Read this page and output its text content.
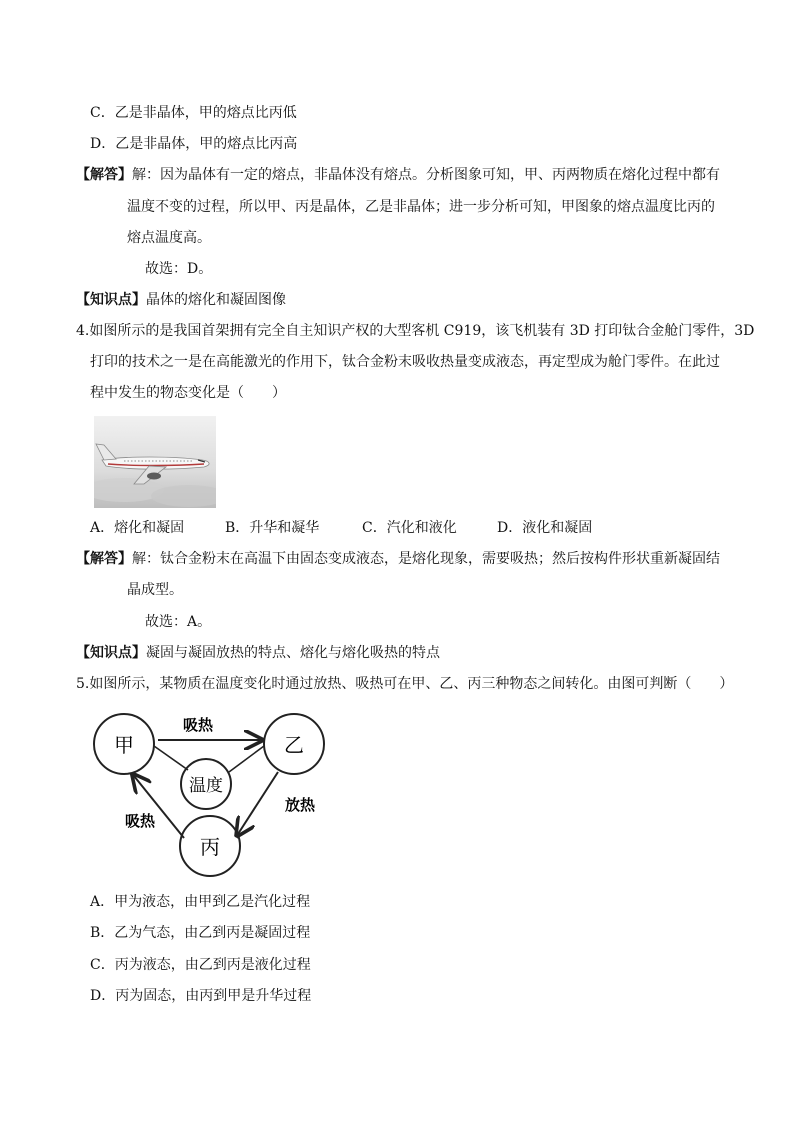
C．乙是非晶体，甲的熔点比丙低
D．乙是非晶体，甲的熔点比丙高
【解答】解：因为晶体有一定的熔点，非晶体没有熔点。分析图象可知，甲、丙两物质在熔化过程中都有
温度不变的过程，所以甲、丙是晶体，乙是非晶体；进一步分析可知，甲图象的熔点温度比丙的
熔点温度高。
故选：D。
【知识点】晶体的熔化和凝固图像
4.如图所示的是我国首架拥有完全自主知识产权的大型客机 C919，该飞机装有 3D 打印钛合金舱门零件，3D
打印的技术之一是在高能激光的作用下，钛合金粉末吸收热量变成液态，再定型成为舱门零件。在此过
程中发生的物态变化是（　　）
A．熔化和凝固	B．升华和凝华	C．汽化和液化	D．液化和凝固
【解答】解：钛合金粉末在高温下由固态变成液态，是熔化现象，需要吸热；然后按构件形状重新凝固结
晶成型。
故选：A。
【知识点】凝固与凝固放热的特点、熔化与熔化吸热的特点
5.如图所示，某物质在温度变化时通过放热、吸热可在甲、乙、丙三种物态之间转化。由图可判断（　　）
甲	乙
丙
温度
吸热
放热
吸热
A．甲为液态，由甲到乙是汽化过程
B．乙为气态，由乙到丙是凝固过程
C．丙为液态，由乙到丙是液化过程
D．丙为固态，由丙到甲是升华过程
